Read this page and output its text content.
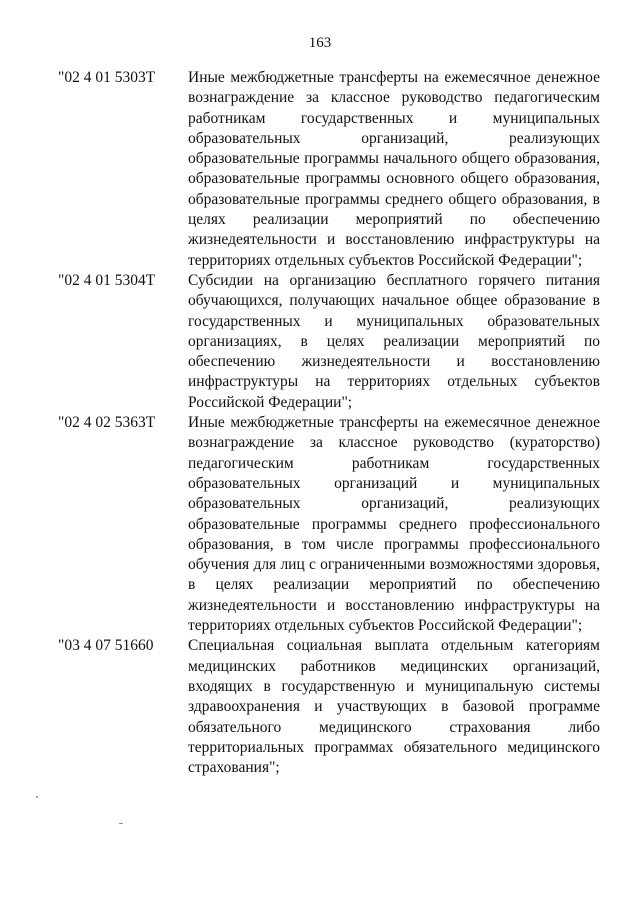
163
"02 4 01 5303T Иные межбюджетные трансферты на ежемесячное денежное вознаграждение за классное руководство педагогическим работникам государственных и муниципальных образовательных организаций, реализующих образовательные программы начального общего образования, образовательные программы основного общего образования, образовательные программы среднего общего образования, в целях реализации мероприятий по обеспечению жизнедеятельности и восстановлению инфраструктуры на территориях отдельных субъектов Российской Федерации";
"02 4 01 5304T Субсидии на организацию бесплатного горячего питания обучающихся, получающих начальное общее образование в государственных и муниципальных образовательных организациях, в целях реализации мероприятий по обеспечению жизнедеятельности и восстановлению инфраструктуры на территориях отдельных субъектов Российской Федерации";
"02 4 02 5363T Иные межбюджетные трансферты на ежемесячное денежное вознаграждение за классное руководство (кураторство) педагогическим работникам государственных образовательных организаций и муниципальных образовательных организаций, реализующих образовательные программы среднего профессионального образования, в том числе программы профессионального обучения для лиц с ограниченными возможностями здоровья, в целях реализации мероприятий по обеспечению жизнедеятельности и восстановлению инфраструктуры на территориях отдельных субъектов Российской Федерации";
"03 4 07 51660 Специальная социальная выплата отдельным категориям медицинских работников медицинских организаций, входящих в государственную и муниципальную системы здравоохранения и участвующих в базовой программе обязательного медицинского страхования либо территориальных программах обязательного медицинского страхования";
